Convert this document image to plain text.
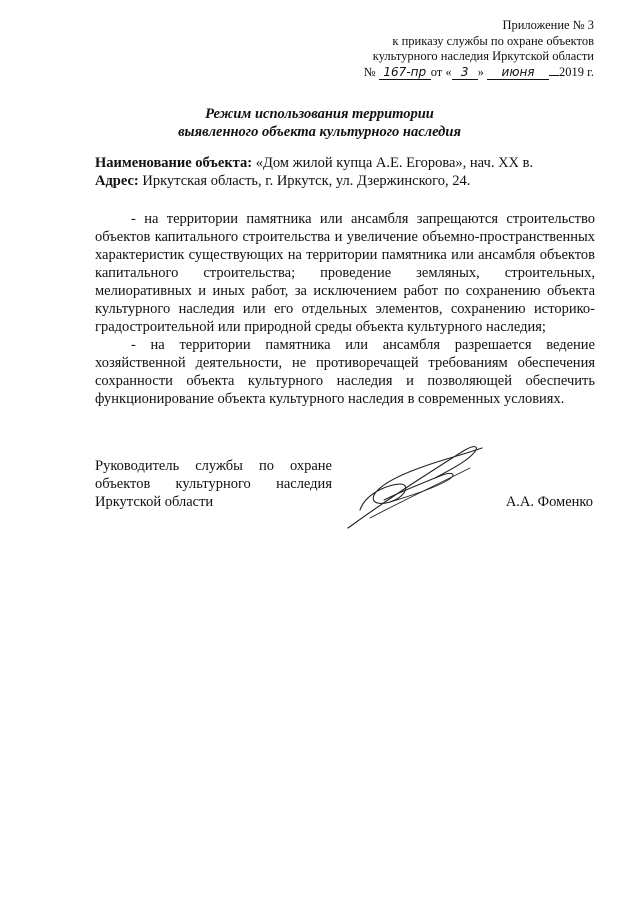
Приложение № 3
к приказу службы по охране объектов
культурного наследия Иркутской области
№ 167-пр от « 3 » июня 2019 г.
Режим использования территории
выявленного объекта культурного наследия
Наименование объекта: «Дом жилой купца А.Е. Егорова», нач. XX в.
Адрес: Иркутская область, г. Иркутск, ул. Дзержинского, 24.

- на территории памятника или ансамбля запрещаются строительство объектов капитального строительства и увеличение объемно-пространственных характеристик существующих на территории памятника или ансамбля объектов капитального строительства; проведение земляных, строительных, мелиоративных и иных работ, за исключением работ по сохранению объекта культурного наследия или его отдельных элементов, сохранению историко-градостроительной или природной среды объекта культурного наследия;

- на территории памятника или ансамбля разрешается ведение хозяйственной деятельности, не противоречащей требованиям обеспечения сохранности объекта культурного наследия и позволяющей обеспечить функционирование объекта культурного наследия в современных условиях.

Руководитель службы по охране объектов культурного наследия Иркутской области	А.А. Фоменко
